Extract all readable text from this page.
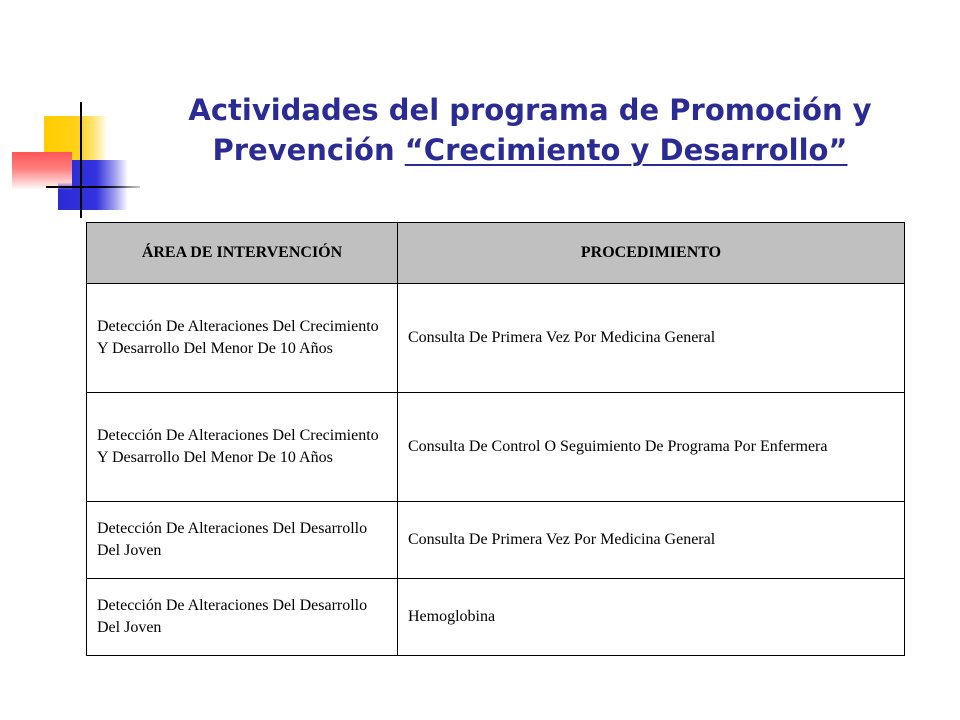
Actividades del programa de Promoción y
Prevención “Crecimiento y Desarrollo”
ÁREA DE INTERVENCIÓN	PROCEDIMIENTO
Detección De Alteraciones Del Crecimiento Y Desarrollo Del Menor De 10 Años	Consulta De Primera Vez Por Medicina General
Detección De Alteraciones Del Crecimiento Y Desarrollo Del Menor De 10 Años	Consulta De Control O Seguimiento De Programa Por Enfermera
Detección De Alteraciones Del Desarrollo Del Joven	Consulta De Primera Vez Por Medicina General
Detección De Alteraciones Del Desarrollo Del Joven	Hemoglobina
